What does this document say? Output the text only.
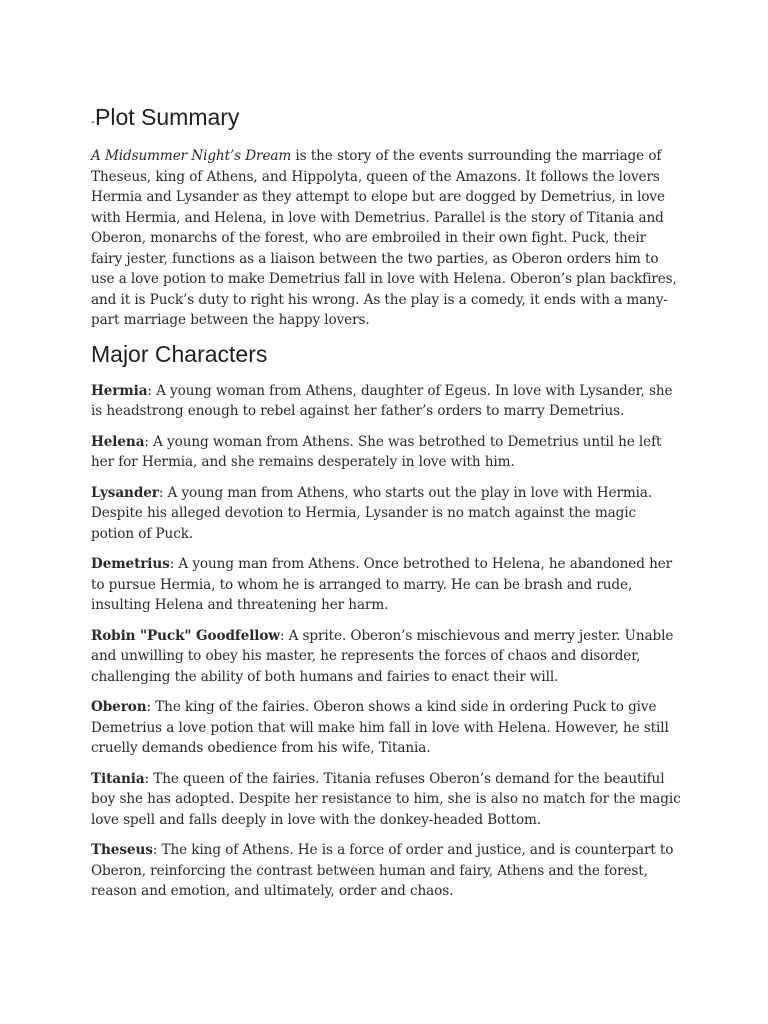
-Plot Summary

A Midsummer Night’s Dream is the story of the events surrounding the marriage of Theseus, king of Athens, and Hippolyta, queen of the Amazons. It follows the lovers Hermia and Lysander as they attempt to elope but are dogged by Demetrius, in love with Hermia, and Helena, in love with Demetrius. Parallel is the story of Titania and Oberon, monarchs of the forest, who are embroiled in their own fight. Puck, their fairy jester, functions as a liaison between the two parties, as Oberon orders him to use a love potion to make Demetrius fall in love with Helena. Oberon’s plan backfires, and it is Puck’s duty to right his wrong. As the play is a comedy, it ends with a many-part marriage between the happy lovers.

Major Characters

Hermia: A young woman from Athens, daughter of Egeus. In love with Lysander, she is headstrong enough to rebel against her father’s orders to marry Demetrius.

Helena: A young woman from Athens. She was betrothed to Demetrius until he left her for Hermia, and she remains desperately in love with him.

Lysander: A young man from Athens, who starts out the play in love with Hermia. Despite his alleged devotion to Hermia, Lysander is no match against the magic potion of Puck.

Demetrius: A young man from Athens. Once betrothed to Helena, he abandoned her to pursue Hermia, to whom he is arranged to marry. He can be brash and rude, insulting Helena and threatening her harm.

Robin "Puck" Goodfellow: A sprite. Oberon’s mischievous and merry jester. Unable and unwilling to obey his master, he represents the forces of chaos and disorder, challenging the ability of both humans and fairies to enact their will.

Oberon: The king of the fairies. Oberon shows a kind side in ordering Puck to give Demetrius a love potion that will make him fall in love with Helena. However, he still cruelly demands obedience from his wife, Titania.

Titania: The queen of the fairies. Titania refuses Oberon’s demand for the beautiful boy she has adopted. Despite her resistance to him, she is also no match for the magic love spell and falls deeply in love with the donkey-headed Bottom.

Theseus: The king of Athens. He is a force of order and justice, and is counterpart to Oberon, reinforcing the contrast between human and fairy, Athens and the forest, reason and emotion, and ultimately, order and chaos.
